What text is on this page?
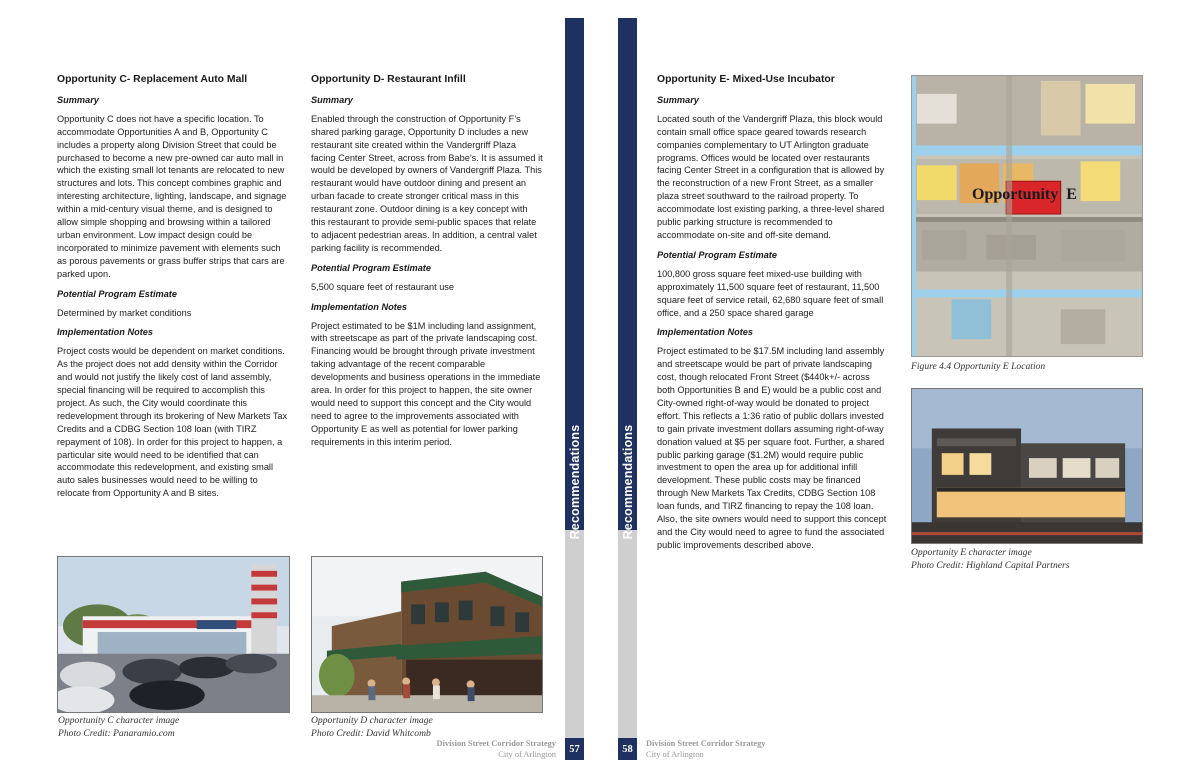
Opportunity C- Replacement Auto Mall
Summary

Opportunity C does not have a specific location. To accommodate Opportunities A and B, Opportunity C includes a property along Division Street that could be purchased to become a new pre-owned car auto mall in which the existing small lot tenants are relocated to new structures and lots. This concept combines graphic and interesting architecture, lighting, landscape, and signage within a mid-century visual theme, and is designed to allow simple shopping and browsing within a tailored urban environment. Low impact design could be incorporated to minimize pavement with elements such as porous pavements or grass buffer strips that cars are parked upon.

Potential Program Estimate

Determined by market conditions

Implementation Notes

Project costs would be dependent on market conditions. As the project does not add density within the Corridor and would not justify the likely cost of land assembly, special financing will be required to accomplish this project. As such, the City would coordinate this redevelopment through its brokering of New Markets Tax Credits and a CDBG Section 108 loan (with TIRZ repayment of 108). In order for this project to happen, a particular site would need to be identified that can accommodate this redevelopment, and existing small auto sales businesses would need to be willing to relocate from Opportunity A and B sites.

Opportunity D- Restaurant Infill
Summary

Enabled through the construction of Opportunity F’s shared parking garage, Opportunity D includes a new restaurant site created within the Vandergriff Plaza facing Center Street, across from Babe’s. It is assumed it would be developed by owners of Vandergriff Plaza. This restaurant would have outdoor dining and present an urban facade to create stronger critical mass in this restaurant zone. Outdoor dining is a key concept with this restaurant to provide semi-public spaces that relate to adjacent pedestrian areas. In addition, a central valet parking facility is recommended.

Potential Program Estimate

5,500 square feet of restaurant use

Implementation Notes

Project estimated to be $1M including land assignment, with streetscape as part of the private landscaping cost. Financing would be brought through private investment taking advantage of the recent comparable developments and business operations in the immediate area. In order for this project to happen, the site owner would need to support this concept and the City would need to agree to the improvements associated with Opportunity E as well as potential for lower parking requirements in this interim period.

Opportunity C character image
Photo Credit: Panaramio.com
Opportunity D character image
Photo Credit: David Whitcomb
Division Street Corridor Strategy
City of Arlington
Recommendations
57
Recommendations
58
Opportunity E- Mixed-Use Incubator
Summary

Located south of the Vandergriff Plaza, this block would contain small office space geared towards research companies complementary to UT Arlington graduate programs. Offices would be located over restaurants facing Center Street in a configuration that is allowed by the reconstruction of a new Front Street, as a smaller plaza street southward to the railroad property. To accommodate lost existing parking, a three-level shared public parking structure is recommended to accommodate on-site and off-site demand.

Potential Program Estimate

100,800 gross square feet mixed-use building with approximately 11,500 square feet of restaurant, 11,500 square feet of service retail, 62,680 square feet of small office, and a 250 space shared garage

Implementation Notes

Project estimated to be $17.5M including land assembly and streetscape would be part of private landscaping cost, though relocated Front Street ($440k+/- across both Opportunities B and E) would be a public cost and City-owned right-of-way would be donated to project effort. This reflects a 1:36 ratio of public dollars invested to gain private investment dollars assuming right-of-way donation valued at $5 per square foot. Further, a shared public parking garage ($1.2M) would require public investment to open the area up for additional infill development. These public costs may be financed through New Markets Tax Credits, CDBG Section 108 loan funds, and TIRZ financing to repay the 108 loan. Also, the site owners would need to support this concept and the City would need to agree to fund the associated public improvements described above.

Opportunity  E
Figure 4.4 Opportunity E Location
Opportunity E character image
Photo Credit: Highland Capital Partners
Division Street Corridor Strategy
City of Arlington
